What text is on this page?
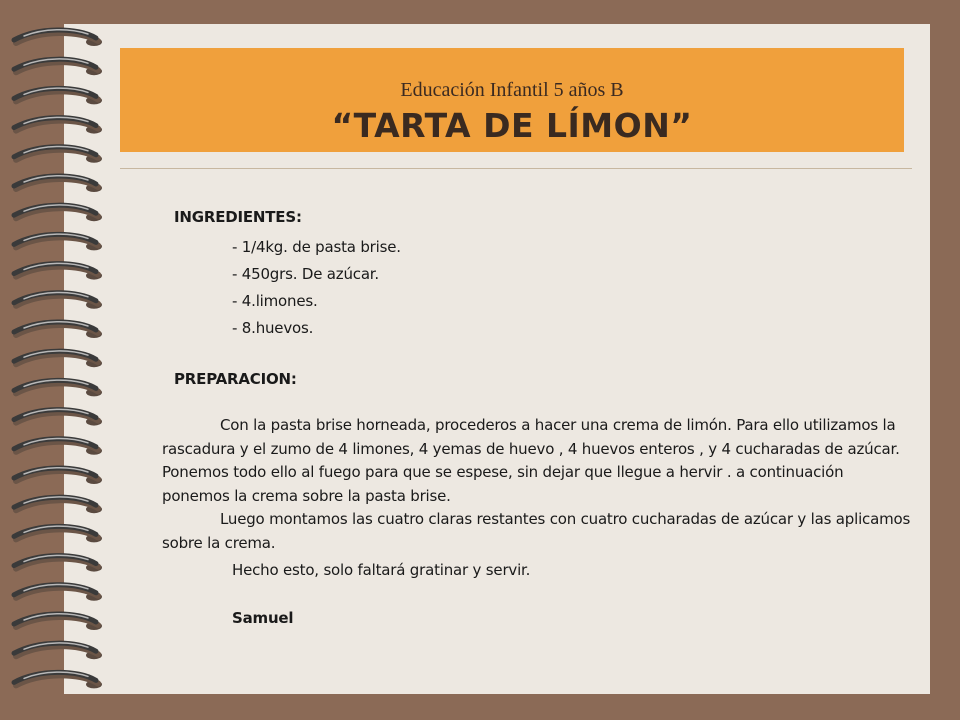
Educación Infantil 5 años B
“TARTA DE LÍMON”

INGREDIENTES:

- 1/4kg. de pasta brise.
- 450grs. De azúcar.
- 4.limones.
- 8.huevos.

PREPARACION:

Con la pasta brise horneada, procederos a hacer una crema de limón. Para ello utilizamos la rascadura y el zumo de 4 limones, 4 yemas de huevo , 4 huevos enteros , y 4 cucharadas de azúcar. Ponemos todo ello al fuego para que se espese, sin dejar que llegue a hervir . a continuación ponemos la crema sobre la pasta brise.

Luego montamos las cuatro claras restantes con cuatro cucharadas de azúcar y las aplicamos sobre la crema.

Hecho esto, solo faltará gratinar y servir.

Samuel
